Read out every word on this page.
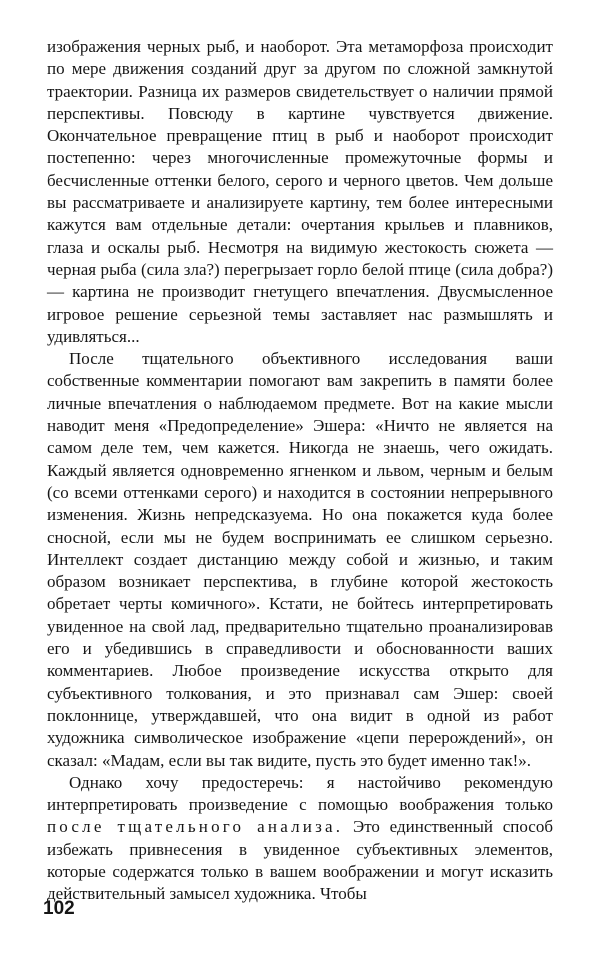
изображения черных рыб, и наоборот. Эта метаморфоза происходит по мере движения созданий друг за другом по сложной замкнутой траектории. Разница их размеров свидетельствует о наличии прямой перспективы. Повсюду в картине чувствуется движение. Окончательное превращение птиц в рыб и наоборот происходит постепенно: через многочисленные промежуточные формы и бесчисленные оттенки белого, серого и черного цветов. Чем дольше вы рассматриваете и анализируете картину, тем более интересными кажутся вам отдельные детали: очертания крыльев и плавников, глаза и оскалы рыб. Несмотря на видимую жестокость сюжета — черная рыба (сила зла?) перегрызает горло белой птице (сила добра?) — картина не производит гнетущего впечатления. Двусмысленное игровое решение серьезной темы заставляет нас размышлять и удивляться...

После тщательного объективного исследования ваши собственные комментарии помогают вам закрепить в памяти более личные впечатления о наблюдаемом предмете. Вот на какие мысли наводит меня «Предопределение» Эшера: «Ничто не является на самом деле тем, чем кажется. Никогда не знаешь, чего ожидать. Каждый является одновременно ягненком и львом, черным и белым (со всеми оттенками серого) и находится в состоянии непрерывного изменения. Жизнь непредсказуема. Но она покажется куда более сносной, если мы не будем воспринимать ее слишком серьезно. Интеллект создает дистанцию между собой и жизнью, и таким образом возникает перспектива, в глубине которой жестокость обретает черты комичного». Кстати, не бойтесь интерпретировать увиденное на свой лад, предварительно тщательно проанализировав его и убедившись в справедливости и обоснованности ваших комментариев. Любое произведение искусства открыто для субъективного толкования, и это признавал сам Эшер: своей поклоннице, утверждавшей, что она видит в одной из работ художника символическое изображение «цепи перерождений», он сказал: «Мадам, если вы так видите, пусть это будет именно так!».

Однако хочу предостеречь: я настойчиво рекомендую интерпретировать произведение с помощью воображения только после тщательного анализа. Это единственный способ избежать привнесения в увиденное субъективных элементов, которые содержатся только в вашем воображении и могут исказить действительный замысел художника. Чтобы

102
